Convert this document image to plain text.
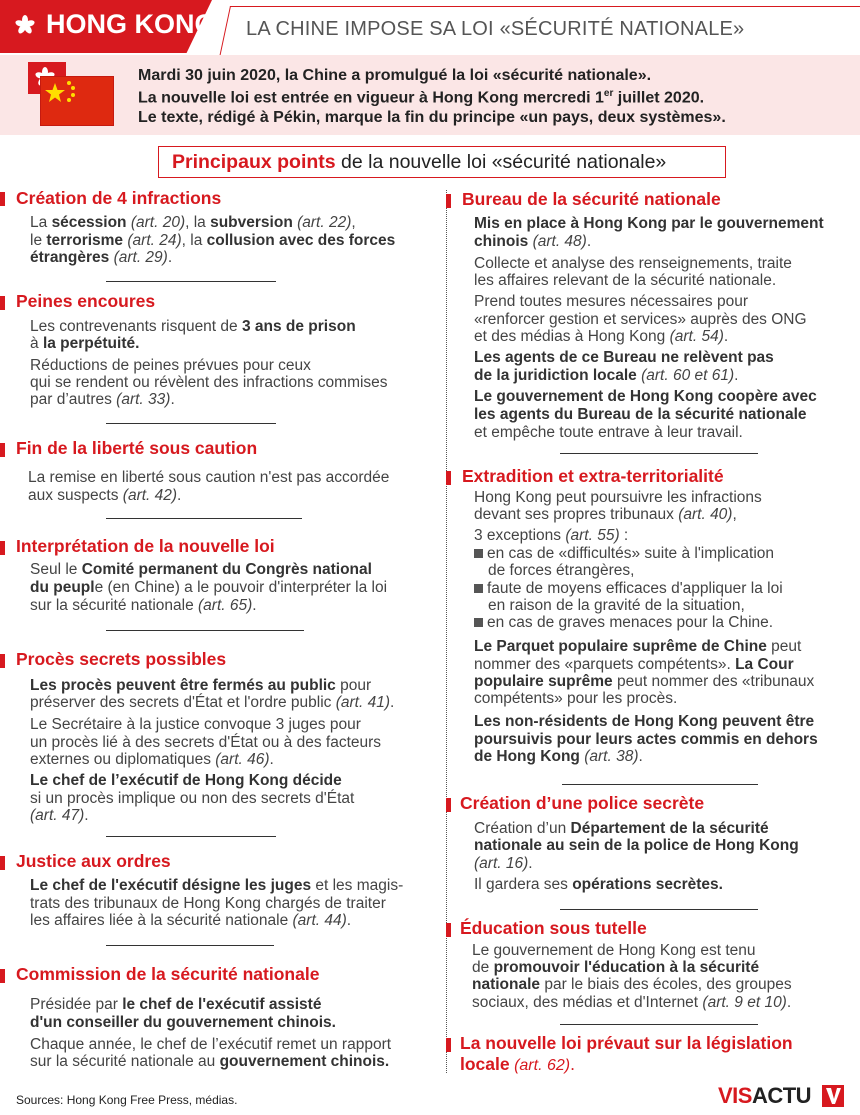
HONG KONG LA CHINE IMPOSE SA LOI «SÉCURITÉ NATIONALE»
Mardi 30 juin 2020, la Chine a promulgué la loi «sécurité nationale».
La nouvelle loi est entrée en vigueur à Hong Kong mercredi 1er juillet 2020.
Le texte, rédigé à Pékin, marque la fin du principe «un pays, deux systèmes».
Principaux points de la nouvelle loi «sécurité nationale»
Création de 4 infractions
La sécession (art. 20), la subversion (art. 22),
le terrorisme (art. 24), la collusion avec des forces
étrangères (art. 29).
Peines encoures
Les contrevenants risquent de 3 ans de prison
à la perpétuité.
Réductions de peines prévues pour ceux
qui se rendent ou révèlent des infractions commises
par d’autres (art. 33).
Fin de la liberté sous caution
La remise en liberté sous caution n'est pas accordée
aux suspects (art. 42).
Interprétation de la nouvelle loi
Seul le Comité permanent du Congrès national
du peuple (en Chine) a le pouvoir d'interpréter la loi
sur la sécurité nationale (art. 65).
Procès secrets possibles
Les procès peuvent être fermés au public pour
préserver des secrets d'État et l'ordre public (art. 41).
Le Secrétaire à la justice convoque 3 juges pour
un procès lié à des secrets d'État ou à des facteurs
externes ou diplomatiques (art. 46).
Le chef de l’exécutif de Hong Kong décide
si un procès implique ou non des secrets d'État
(art. 47).
Justice aux ordres
Le chef de l'exécutif désigne les juges et les magis-
trats des tribunaux de Hong Kong chargés de traiter
les affaires liée à la sécurité nationale (art. 44).
Commission de la sécurité nationale
Présidée par le chef de l'exécutif assisté
d'un conseiller du gouvernement chinois.
Chaque année, le chef de l’exécutif remet un rapport
sur la sécurité nationale au gouvernement chinois.
Bureau de la sécurité nationale
Mis en place à Hong Kong par le gouvernement
chinois (art. 48).
Collecte et analyse des renseignements, traite
les affaires relevant de la sécurité nationale.
Prend toutes mesures nécessaires pour
«renforcer gestion et services» auprès des ONG
et des médias à Hong Kong (art. 54).
Les agents de ce Bureau ne relèvent pas
de la juridiction locale (art. 60 et 61).
Le gouvernement de Hong Kong coopère avec
les agents du Bureau de la sécurité nationale
et empêche toute entrave à leur travail.
Extradition et extra-territorialité
Hong Kong peut poursuivre les infractions
devant ses propres tribunaux (art. 40),
3 exceptions (art. 55) :
en cas de «difficultés» suite à l'implication
de forces étrangères,
faute de moyens efficaces d'appliquer la loi
en raison de la gravité de la situation,
en cas de graves menaces pour la Chine.
Le Parquet populaire suprême de Chine peut
nommer des «parquets compétents». La Cour
populaire suprême peut nommer des «tribunaux
compétents» pour les procès.
Les non-résidents de Hong Kong peuvent être
poursuivis pour leurs actes commis en dehors
de Hong Kong (art. 38).
Création d’une police secrète
Création d’un Département de la sécurité
nationale au sein de la police de Hong Kong
(art. 16).
Il gardera ses opérations secrètes.
Éducation sous tutelle
Le gouvernement de Hong Kong est tenu
de promouvoir l'éducation à la sécurité
nationale par le biais des écoles, des groupes
sociaux, des médias et d'Internet (art. 9 et 10).
La nouvelle loi prévaut sur la législation
locale (art. 62).
Sources: Hong Kong Free Press, médias.	VISACTU
